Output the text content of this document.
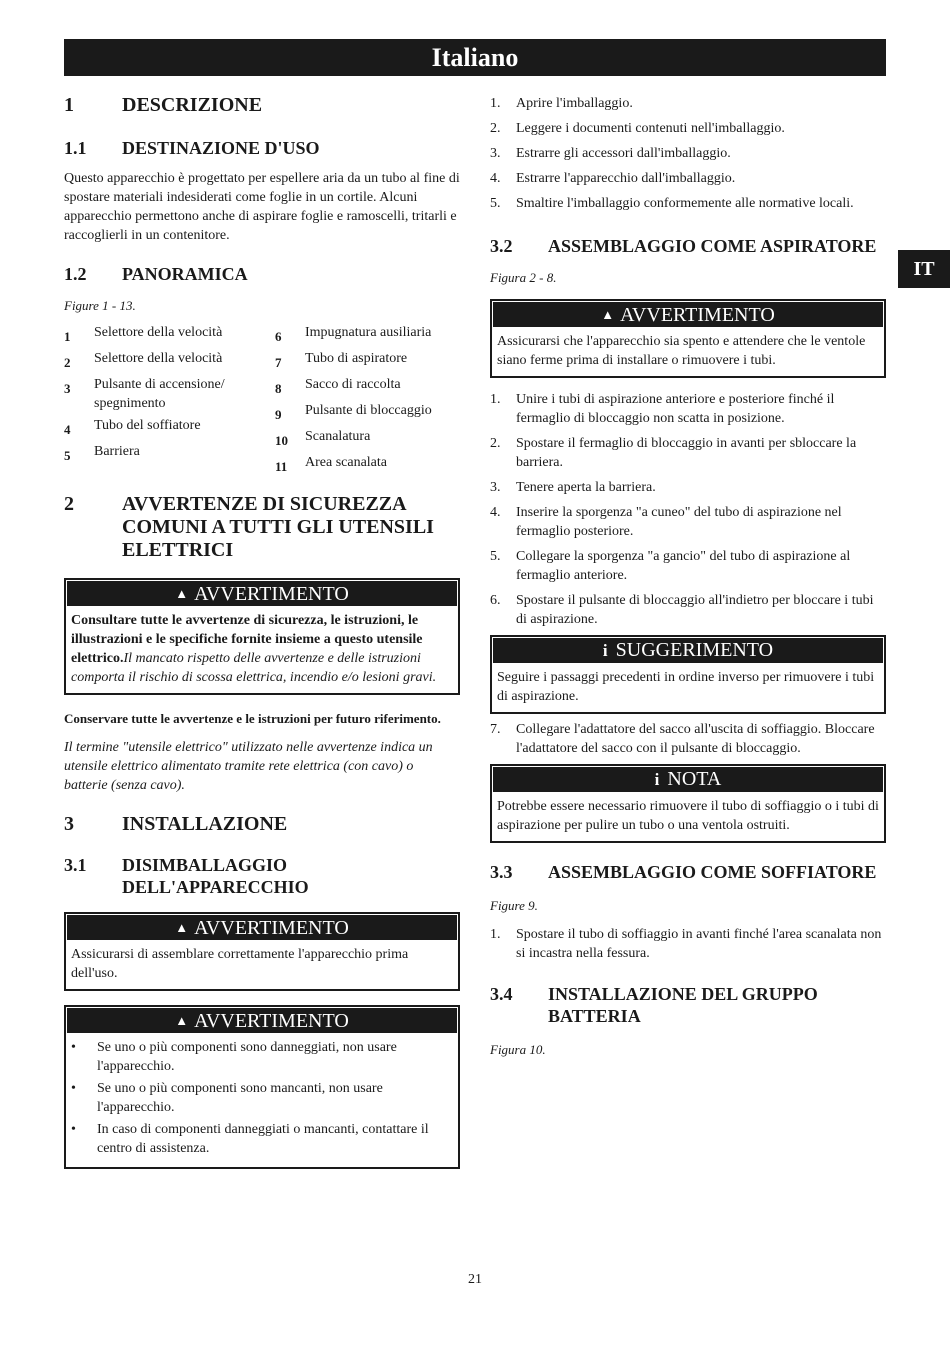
Italiano
IT
1	DESCRIZIONE
1.1	DESTINAZIONE D'USO

Questo apparecchio è progettato per espellere aria da un tubo al fine di spostare materiali indesiderati come foglie in un cortile. Alcuni apparecchio permettono anche di aspirare foglie e ramoscelli, tritarli e raccoglierli in un contenitore.

1.2	PANORAMICA

Figure 1 - 13.

1	Selettore della velocità
2	Selettore della velocità
3	Pulsante di accensione/ spegnimento
4	Tubo del soffiatore
5	Barriera
6	Impugnatura ausiliaria
7	Tubo di aspiratore
8	Sacco di raccolta
9	Pulsante di bloccaggio
10	Scanalatura
11	Area scanalata
2	AVVERTENZE DI SICUREZZA COMUNI A TUTTI GLI UTENSILI ELETTRICI
▲ AVVERTIMENTO
Consultare tutte le avvertenze di sicurezza, le istruzioni, le illustrazioni e le specifiche fornite insieme a questo utensile elettrico.Il mancato rispetto delle avvertenze e delle istruzioni comporta il rischio di scossa elettrica, incendio e/o lesioni gravi.

Conservare tutte le avvertenze e le istruzioni per futuro riferimento.

Il termine "utensile elettrico" utilizzato nelle avvertenze indica un utensile elettrico alimentato tramite rete elettrica (con cavo) o batterie (senza cavo).

3	INSTALLAZIONE
3.1	DISIMBALLAGGIO DELL'APPARECCHIO
▲ AVVERTIMENTO
Assicurarsi di assemblare correttamente l'apparecchio prima dell'uso.
▲ AVVERTIMENTO
•	Se uno o più componenti sono danneggiati, non usare l'apparecchio.
•	Se uno o più componenti sono mancanti, non usare l'apparecchio.
•	In caso di componenti danneggiati o mancanti, contattare il centro di assistenza.
1.	Aprire l'imballaggio.
2.	Leggere i documenti contenuti nell'imballaggio.
3.	Estrarre gli accessori dall'imballaggio.
4.	Estrarre l'apparecchio dall'imballaggio.
5.	Smaltire l'imballaggio conformemente alle normative locali.
3.2	ASSEMBLAGGIO COME ASPIRATORE

Figura 2 - 8.

▲ AVVERTIMENTO
Assicurarsi che l'apparecchio sia spento e attendere che le ventole siano ferme prima di installare o rimuovere i tubi.
1.	Unire i tubi di aspirazione anteriore e posteriore finché il fermaglio di bloccaggio non scatta in posizione.
2.	Spostare il fermaglio di bloccaggio in avanti per sbloccare la barriera.
3.	Tenere aperta la barriera.
4.	Inserire la sporgenza "a cuneo" del tubo di aspirazione nel fermaglio posteriore.
5.	Collegare la sporgenza "a gancio" del tubo di aspirazione al fermaglio anteriore.
6.	Spostare il pulsante di bloccaggio all'indietro per bloccare i tubi di aspirazione.
i SUGGERIMENTO
Seguire i passaggi precedenti in ordine inverso per rimuovere i tubi di aspirazione.
7.	Collegare l'adattatore del sacco all'uscita di soffiaggio. Bloccare l'adattatore del sacco con il pulsante di bloccaggio.
i NOTA
Potrebbe essere necessario rimuovere il tubo di soffiaggio o i tubi di aspirazione per pulire un tubo o una ventola ostruiti.
3.3	ASSEMBLAGGIO COME SOFFIATORE

Figure 9.

1.	Spostare il tubo di soffiaggio in avanti finché l'area scanalata non si incastra nella fessura.
3.4	INSTALLAZIONE DEL GRUPPO BATTERIA

Figura 10.

21
